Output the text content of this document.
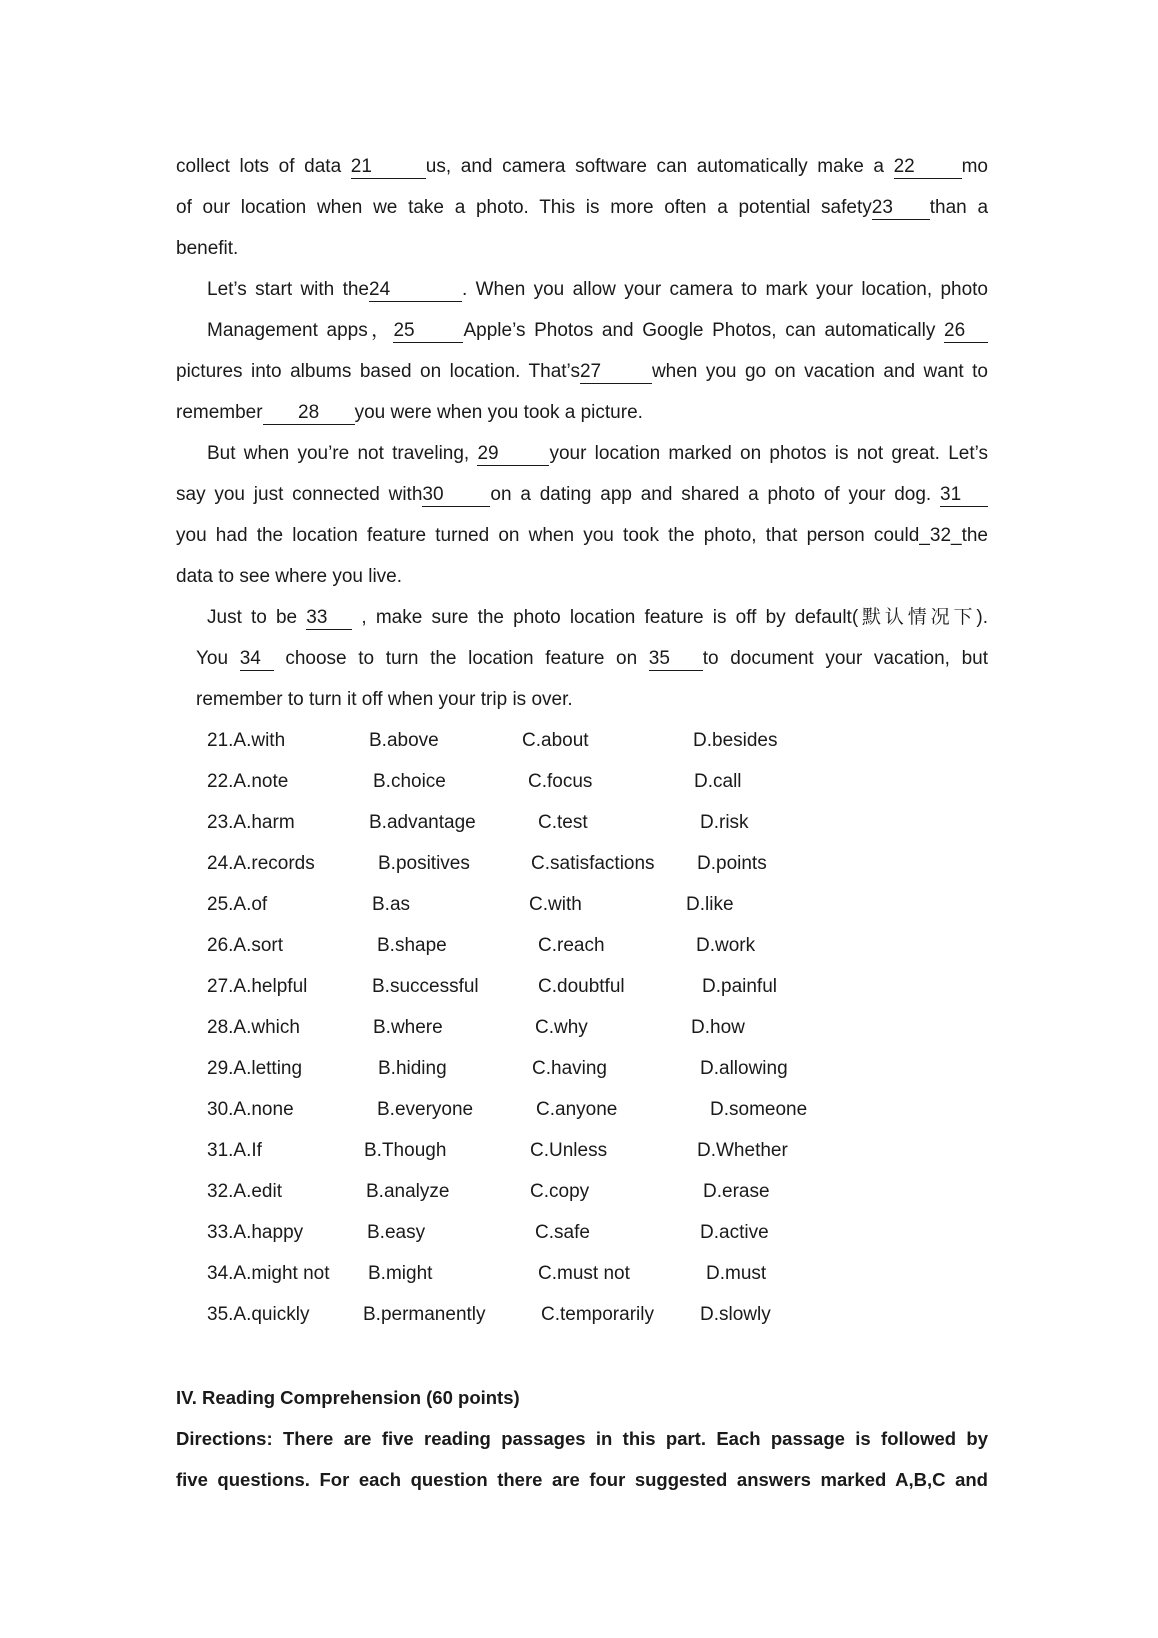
collect lots of data 21	us, and camera software can automatically make a 22 mo
of our location when we take a photo. This is more often a potential safety23 than a
benefit.
Let’s start with the24	. When you allow your camera to mark your location, photo
Management apps，25	Apple’s Photos and Google Photos, can automatically 26
pictures into albums based on location. That’s27	when you go on vacation and want to
remember 28 you were when you took a picture.
But when you’re not traveling, 29	your location marked on photos is not great. Let’s
say you just connected with30 on a dating app and shared a photo of your dog. 31
you had the location feature turned on when you took the photo, that person could_32_the
data to see where you live.
Just to be 33 , make sure the photo location feature is off by default(默认情况下).
You 34 choose to turn the location feature on 35 to document your vacation, but
remember to turn it off when your trip is over.
21.A.with	B.above	C.about	D.besides
22.A.note	B.choice	C.focus	D.call
23.A.harm	B.advantage	C.test	D.risk
24.A.records	B.positives	C.satisfactions D.points
25.A.of	B.as	C.with	D.like
26.A.sort	B.shape	C.reach	D.work
27.A.helpful	B.successful	C.doubtful	D.painful
28.A.which	B.where	C.why	D.how
29.A.letting	B.hiding	C.having	D.allowing
30.A.none	B.everyone	C.anyone	D.someone
31.A.If	B.Though	C.Unless	D.Whether
32.A.edit	B.analyze	C.copy	D.erase
33.A.happy	B.easy	C.safe	D.active
34.A.might not B.might	C.must not	D.must
35.A.quickly	B.permanently	C.temporarily D.slowly
IV. Reading Comprehension (60 points)
Directions: There are five reading passages in this part. Each passage is followed by
five questions. For each question there are four suggested answers marked A,B,C and
